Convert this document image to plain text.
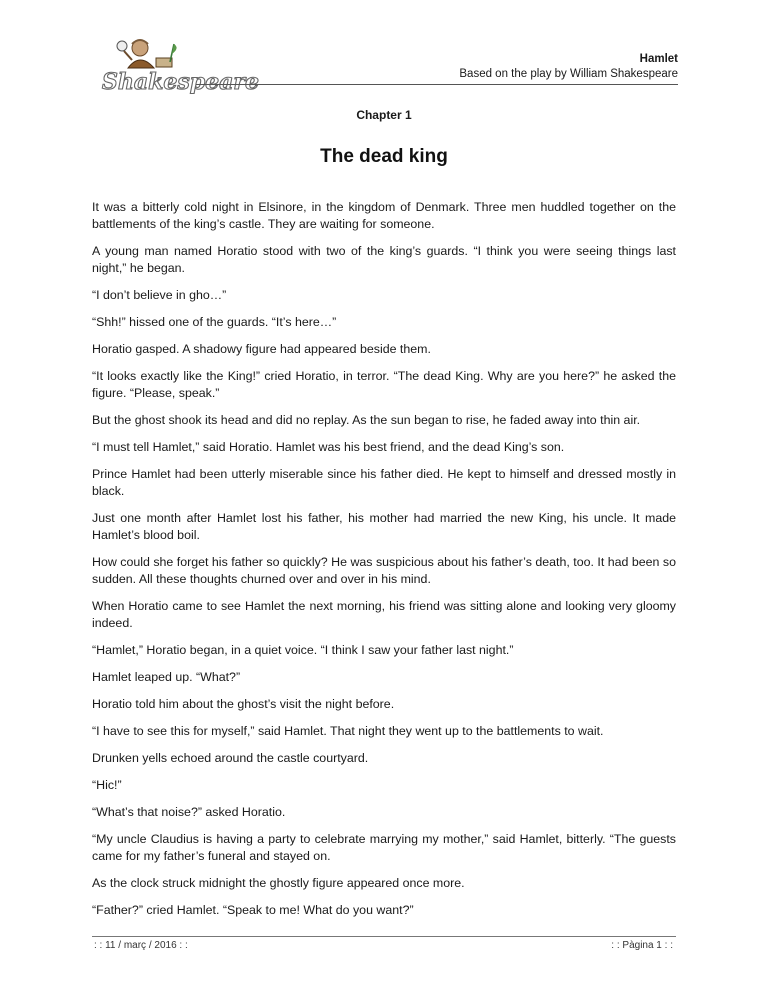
Shakespeare
Hamlet
Based on the play by William Shakespeare
Chapter 1
The dead king

It was a bitterly cold night in Elsinore, in the kingdom of Denmark. Three men huddled together on the battlements of the king’s castle. They are waiting for someone.

A young man named Horatio stood with two of the king’s guards. “I think you were seeing things last night,” he began.

“I don’t believe in gho…”

“Shh!” hissed one of the guards. “It’s here…”

Horatio gasped. A shadowy figure had appeared beside them.

“It looks exactly like the King!” cried Horatio, in terror. “The dead King. Why are you here?” he asked the figure. “Please, speak.”

But the ghost shook its head and did no replay. As the sun began to rise, he faded away into thin air.

“I must tell Hamlet,” said Horatio. Hamlet was his best friend, and the dead King’s son.

Prince Hamlet had been utterly miserable since his father died. He kept to himself and dressed mostly in black.

Just one month after Hamlet lost his father, his mother had married the new King, his uncle. It made Hamlet’s blood boil.

How could she forget his father so quickly? He was suspicious about his father’s death, too. It had been so sudden. All these thoughts churned over and over in his mind.

When Horatio came to see Hamlet the next morning, his friend was sitting alone and looking very gloomy indeed.

“Hamlet,” Horatio began, in a quiet voice. “I think I saw your father last night.”

Hamlet leaped up. “What?”

Horatio told him about the ghost’s visit the night before.

“I have to see this for myself,” said Hamlet. That night they went up to the battlements to wait.

Drunken yells echoed around the castle courtyard.

“Hic!”

“What’s that noise?” asked Horatio.

“My uncle Claudius is having a party to celebrate marrying my mother,” said Hamlet, bitterly. “The guests came for my father’s funeral and stayed on.

As the clock struck midnight the ghostly figure appeared once more.

“Father?” cried Hamlet. “Speak to me! What do you want?”

: : 11 / març / 2016 : :	: : Pàgina 1 : :
